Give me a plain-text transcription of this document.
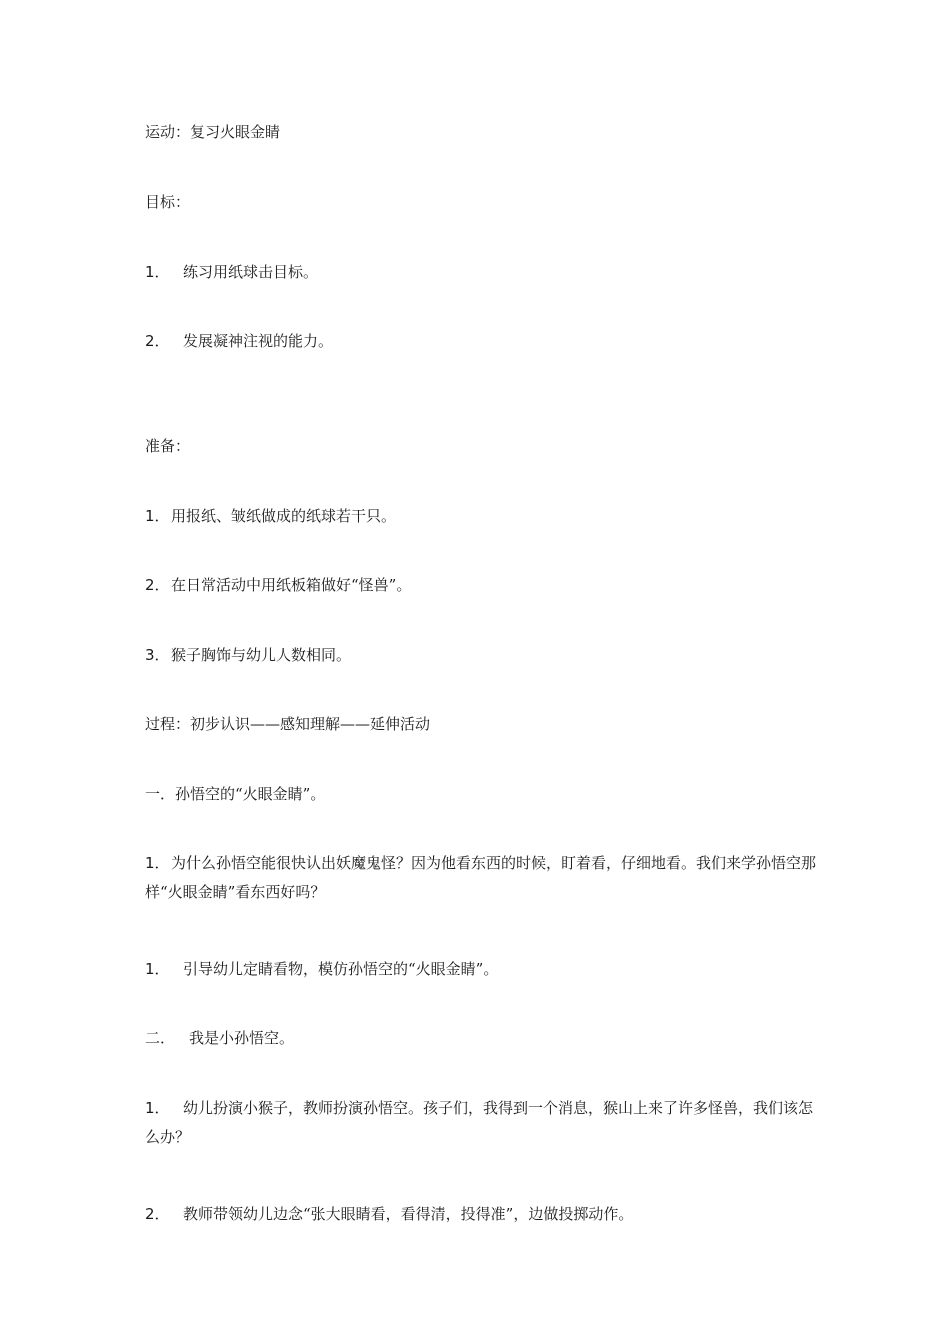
运动：复习火眼金睛
目标：
1． 练习用纸球击目标。
2． 发展凝神注视的能力。
准备：
1．用报纸、皱纸做成的纸球若干只。
2．在日常活动中用纸板箱做好“怪兽”。
3．猴子胸饰与幼儿人数相同。
过程：初步认识——感知理解——延伸活动
一．孙悟空的“火眼金睛”。
1．为什么孙悟空能很快认出妖魔鬼怪？因为他看东西的时候，盯着看，仔细地看。我们来学孙悟空那样“火眼金睛”看东西好吗？
1． 引导幼儿定睛看物，模仿孙悟空的“火眼金睛”。
二． 我是小孙悟空。
1． 幼儿扮演小猴子，教师扮演孙悟空。孩子们，我得到一个消息，猴山上来了许多怪兽，我们该怎么办？
2． 教师带领幼儿边念“张大眼睛看，看得清，投得准”，边做投掷动作。
